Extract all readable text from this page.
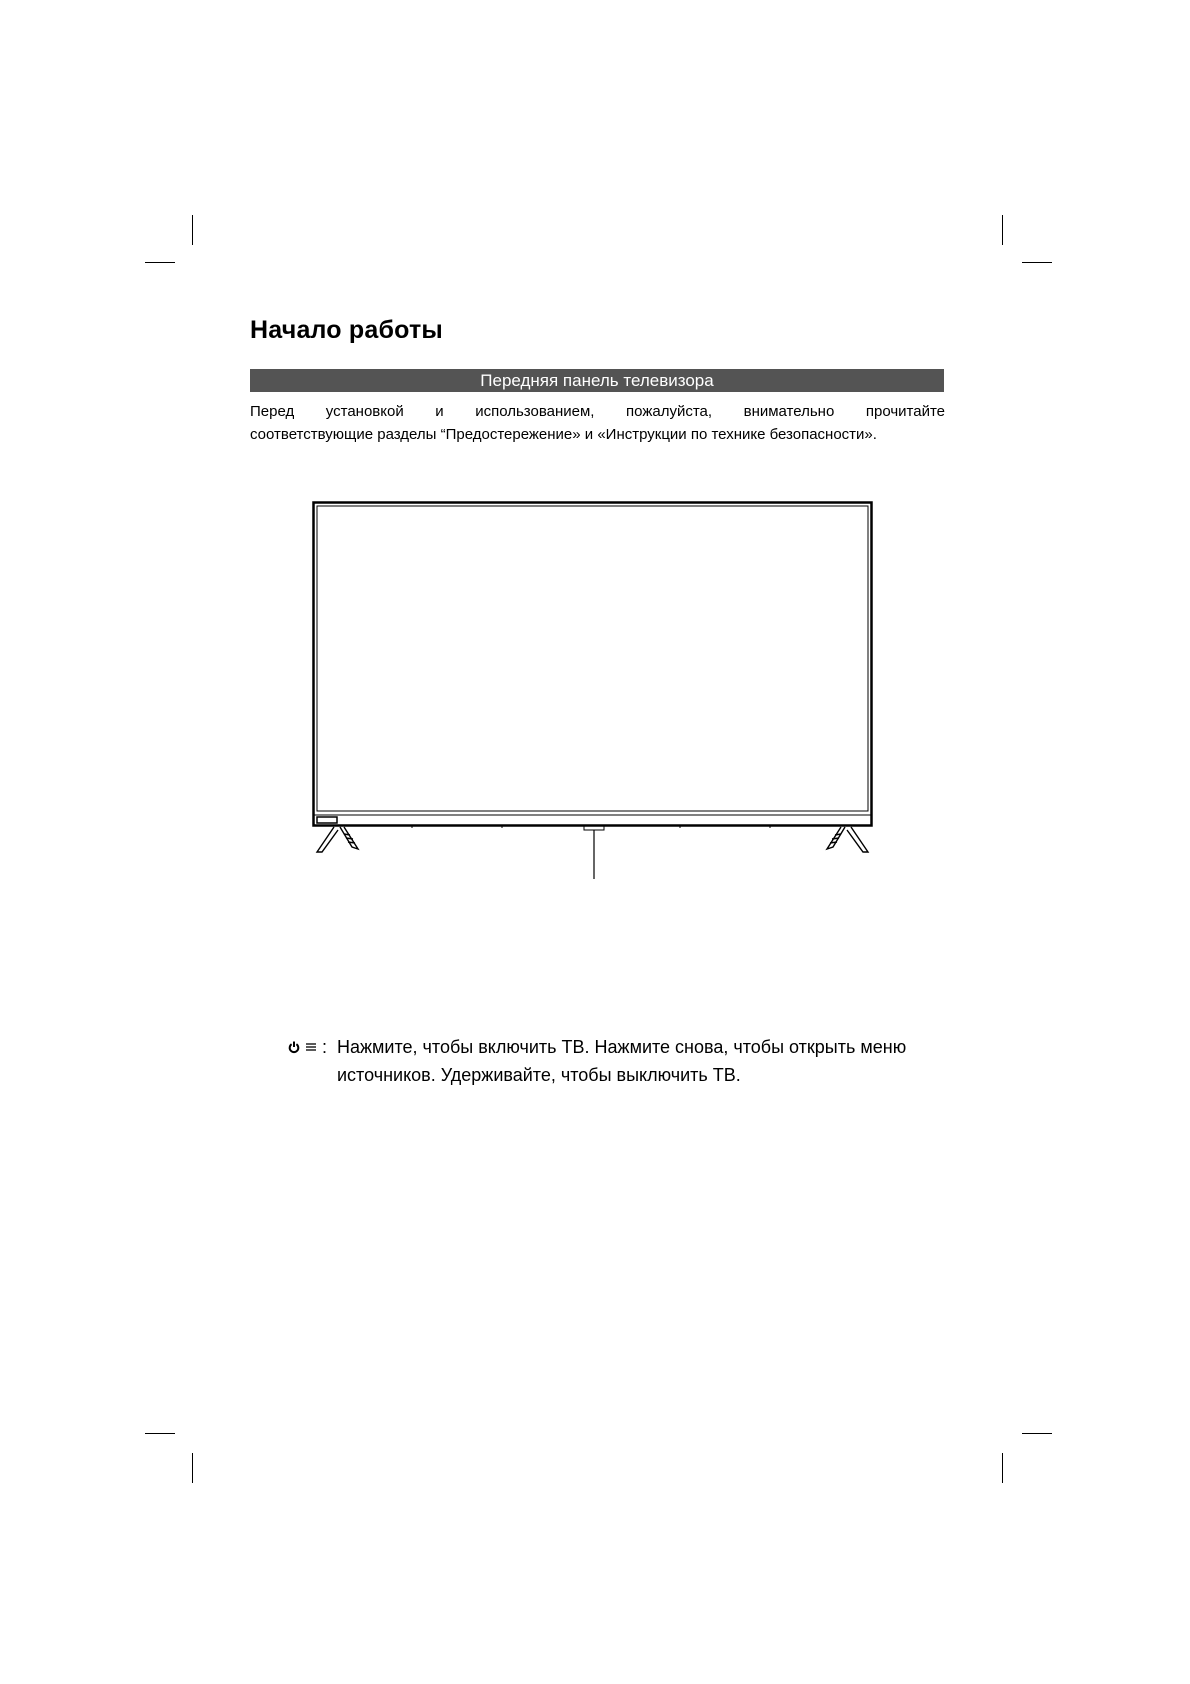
Начало работы
Передняя панель телевизора
Перед установкой и использованием, пожалуйста, внимательно прочитайте
соответствующие разделы “Предостережение» и «Инструкции по технике безопасности».
: Нажмите, чтобы включить ТВ. Нажмите снова, чтобы открыть меню
источников. Удерживайте, чтобы выключить ТВ.
